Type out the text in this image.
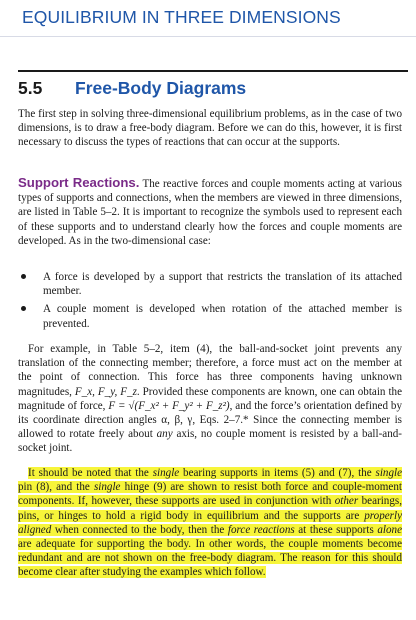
EQUILIBRIUM IN THREE DIMENSIONS
5.5 Free-Body Diagrams
The first step in solving three-dimensional equilibrium problems, as in the case of two dimensions, is to draw a free-body diagram. Before we can do this, however, it is first necessary to discuss the types of reactions that can occur at the supports.
Support Reactions. The reactive forces and couple moments acting at various types of supports and connections, when the members are viewed in three dimensions, are listed in Table 5–2. It is important to recognize the symbols used to represent each of these supports and to understand clearly how the forces and couple moments are developed. As in the two-dimensional case:
A force is developed by a support that restricts the translation of its attached member.
A couple moment is developed when rotation of the attached member is prevented.
For example, in Table 5–2, item (4), the ball-and-socket joint prevents any translation of the connecting member; therefore, a force must act on the member at the point of connection. This force has three components having unknown magnitudes, F_x, F_y, F_z. Provided these components are known, one can obtain the magnitude of force, F = √(F_x² + F_y² + F_z²), and the force’s orientation defined by its coordinate direction angles α, β, γ, Eqs. 2–7.* Since the connecting member is allowed to rotate freely about any axis, no couple moment is resisted by a ball-and-socket joint.
It should be noted that the single bearing supports in items (5) and (7), the single pin (8), and the single hinge (9) are shown to resist both force and couple-moment components. If, however, these supports are used in conjunction with other bearings, pins, or hinges to hold a rigid body in equilibrium and the supports are properly aligned when connected to the body, then the force reactions at these supports alone are adequate for supporting the body. In other words, the couple moments become redundant and are not shown on the free-body diagram. The reason for this should become clear after studying the examples which follow.
